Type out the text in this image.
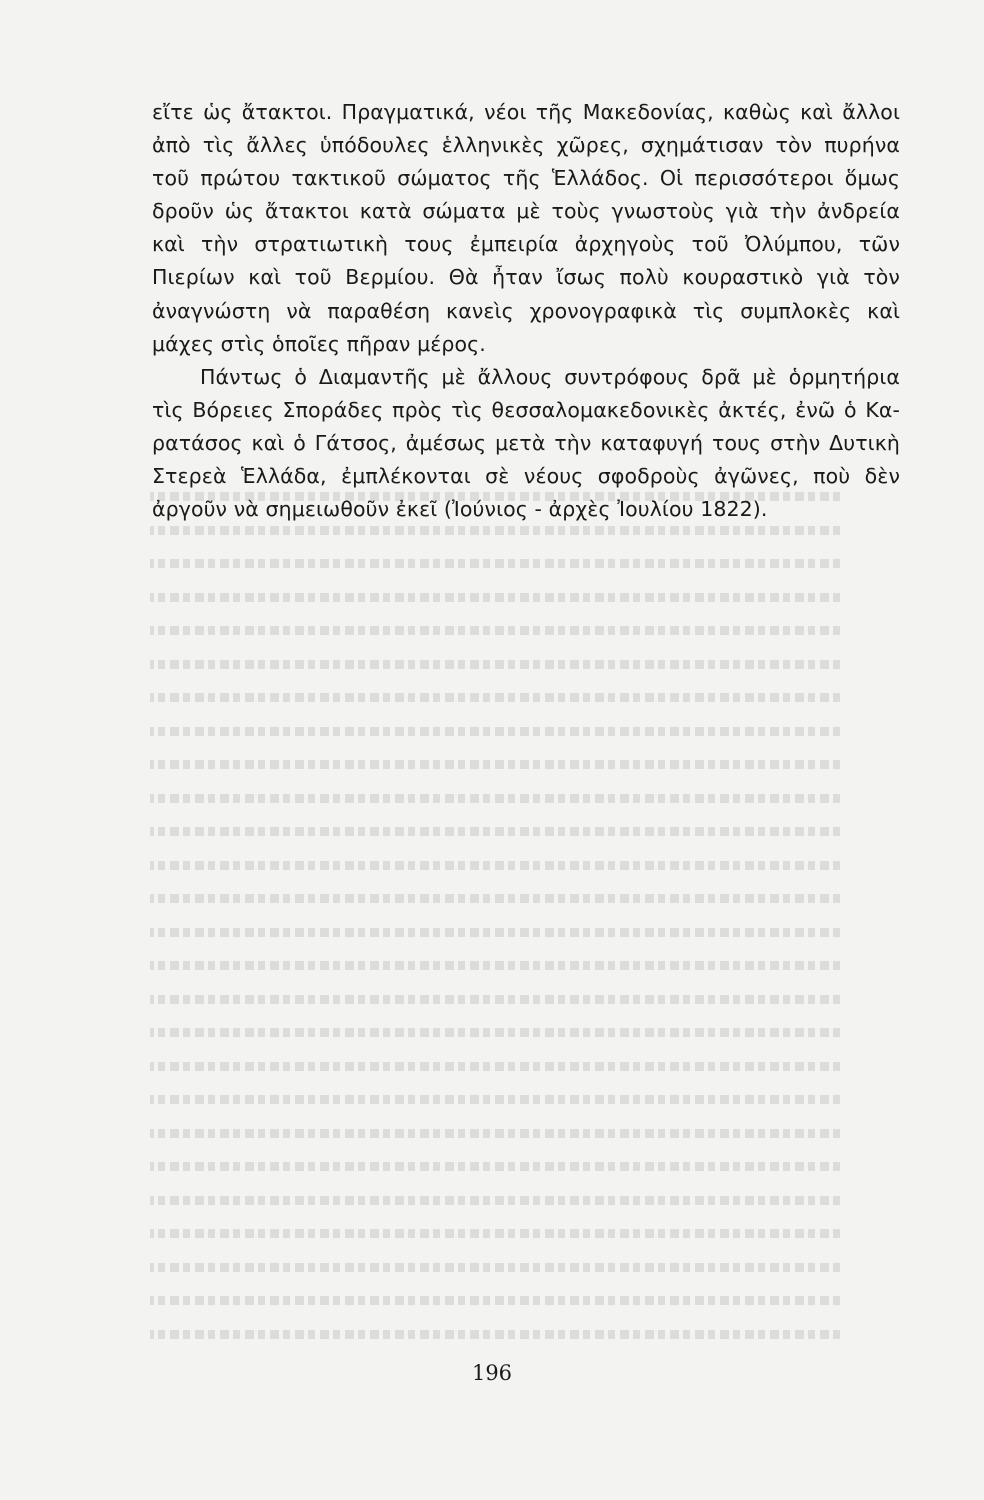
εἴτε ὡς ἄτακτοι. Πραγματικά, νέοι τῆς Μακεδονίας, καθὼς καὶ ἄλλοι
ἀπὸ τὶς ἄλλες ὑπόδουλες ἑλληνικὲς χῶρες, σχημάτισαν τὸν πυρήνα
τοῦ πρώτου τακτικοῦ σώματος τῆς Ἑλλάδος. Οἱ περισσότεροι ὅμως
δροῦν ὡς ἄτακτοι κατὰ σώματα μὲ τοὺς γνωστοὺς γιὰ τὴν ἀνδρεία
καὶ τὴν στρατιωτικὴ τους ἐμπειρία ἀρχηγοὺς τοῦ Ὀλύμπου, τῶν
Πιερίων καὶ τοῦ Βερμίου. Θὰ ἦταν ἴσως πολὺ κουραστικὸ γιὰ τὸν
ἀναγνώστη νὰ παραθέση κανεὶς χρονογραφικὰ τὶς συμπλοκὲς καὶ
μάχες στὶς ὁποῖες πῆραν μέρος.
Πάντως ὁ Διαμαντῆς μὲ ἄλλους συντρόφους δρᾶ μὲ ὁρμητήρια
τὶς Βόρειες Σποράδες πρὸς τὶς θεσσαλομακεδονικὲς ἀκτές, ἐνῶ ὁ Κα-
ρατάσος καὶ ὁ Γάτσος, ἀμέσως μετὰ τὴν καταφυγή τους στὴν Δυτικὴ
Στερεὰ Ἑλλάδα, ἐμπλέκονται σὲ νέους σφοδροὺς ἀγῶνες, ποὺ δὲν
ἀργοῦν νὰ σημειωθοῦν ἐκεῖ (Ἰούνιος - ἀρχὲς Ἰουλίου 1822).
196
